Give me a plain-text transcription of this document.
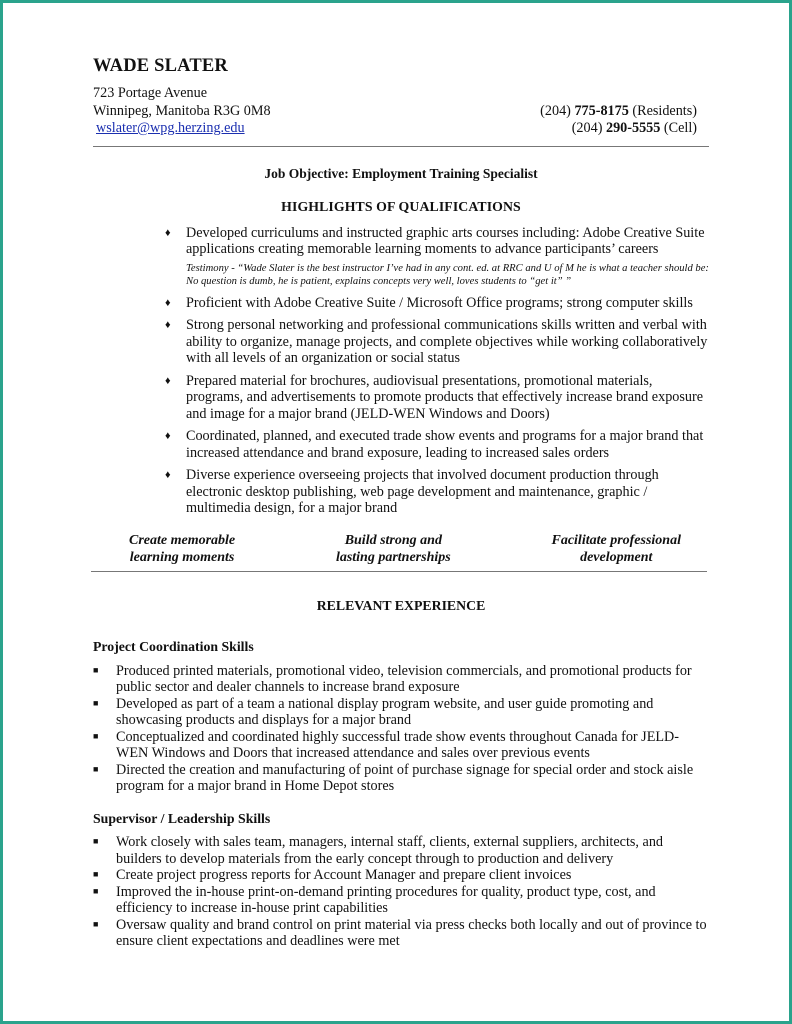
WADE SLATER
723 Portage Avenue
Winnipeg, Manitoba R3G 0M8	(204) 775-8175 (Residents)
wslater@wpg.herzing.edu	(204) 290-5555 (Cell)
Job Objective: Employment Training Specialist
HIGHLIGHTS OF QUALIFICATIONS
♦ Developed curriculums and instructed graphic arts courses including: Adobe Creative Suite applications creating memorable learning moments to advance participants’ careers
Testimony - “Wade Slater is the best instructor I’ve had in any cont. ed. at RRC and U of M he is what a teacher should be: No question is dumb, he is patient, explains concepts very well, loves students to “get it” ”
♦ Proficient with Adobe Creative Suite / Microsoft Office programs; strong computer skills
♦ Strong personal networking and professional communications skills written and verbal with ability to organize, manage projects, and complete objectives while working collaboratively with all levels of an organization or social status
♦ Prepared material for brochures, audiovisual presentations, promotional materials, programs, and advertisements to promote products that effectively increase brand exposure and image for a major brand (JELD-WEN Windows and Doors)
♦ Coordinated, planned, and executed trade show events and programs for a major brand that increased attendance and brand exposure, leading to increased sales orders
♦ Diverse experience overseeing projects that involved document production through electronic desktop publishing, web page development and maintenance, graphic / multimedia design, for a major brand
Create memorable
learning moments
Build strong and
lasting partnerships
Facilitate professional
development
RELEVANT EXPERIENCE
Project Coordination Skills
■ Produced printed materials, promotional video, television commercials, and promotional products for public sector and dealer channels to increase brand exposure
■ Developed as part of a team a national display program website, and user guide promoting and showcasing products and displays for a major brand
■ Conceptualized and coordinated highly successful trade show events throughout Canada for JELD-WEN Windows and Doors that increased attendance and sales over previous events
■ Directed the creation and manufacturing of point of purchase signage for special order and stock aisle program for a major brand in Home Depot stores
Supervisor / Leadership Skills
■ Work closely with sales team, managers, internal staff, clients, external suppliers, architects, and builders to develop materials from the early concept through to production and delivery
■ Create project progress reports for Account Manager and prepare client invoices
■ Improved the in-house print-on-demand printing procedures for quality, product type, cost, and efficiency to increase in-house print capabilities
■ Oversaw quality and brand control on print material via press checks both locally and out of province to ensure client expectations and deadlines were met
